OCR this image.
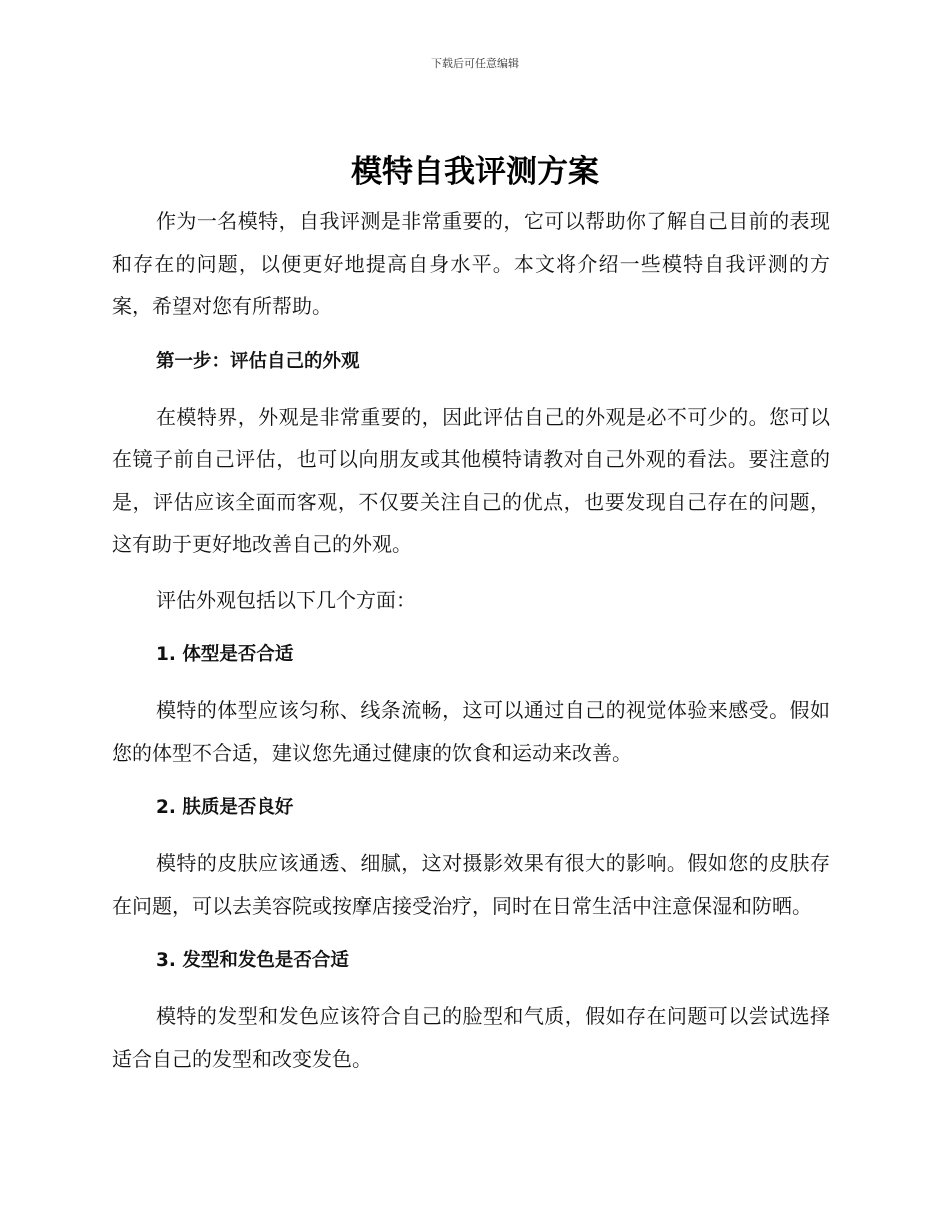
下载后可任意编辑
模特自我评测方案

作为一名模特，自我评测是非常重要的，它可以帮助你了解自己目前的表现和存在的问题，以便更好地提高自身水平。本文将介绍一些模特自我评测的方案，希望对您有所帮助。

第一步：评估自己的外观

在模特界，外观是非常重要的，因此评估自己的外观是必不可少的。您可以在镜子前自己评估，也可以向朋友或其他模特请教对自己外观的看法。要注意的是，评估应该全面而客观，不仅要关注自己的优点，也要发现自己存在的问题，这有助于更好地改善自己的外观。

评估外观包括以下几个方面：

1. 体型是否合适

模特的体型应该匀称、线条流畅，这可以通过自己的视觉体验来感受。假如您的体型不合适，建议您先通过健康的饮食和运动来改善。

2. 肤质是否良好

模特的皮肤应该通透、细腻，这对摄影效果有很大的影响。假如您的皮肤存在问题，可以去美容院或按摩店接受治疗，同时在日常生活中注意保湿和防晒。

3. 发型和发色是否合适

模特的发型和发色应该符合自己的脸型和气质，假如存在问题可以尝试选择适合自己的发型和改变发色。
